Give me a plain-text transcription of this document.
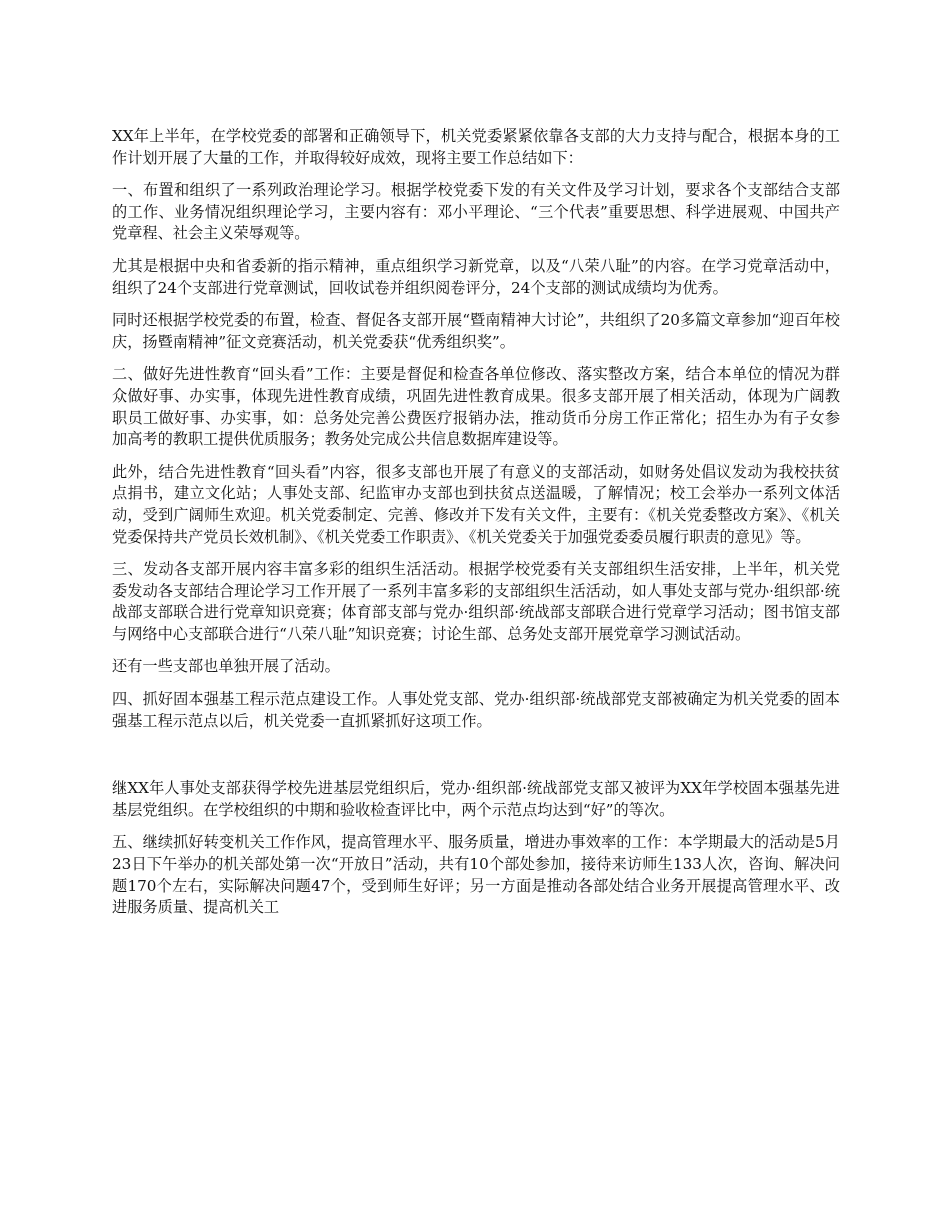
XX年上半年，在学校党委的部署和正确领导下，机关党委紧紧依靠各支部的大力支持与配合，根据本身的工作计划开展了大量的工作，并取得较好成效，现将主要工作总结如下：

一、布置和组织了一系列政治理论学习。根据学校党委下发的有关文件及学习计划，要求各个支部结合支部的工作、业务情况组织理论学习，主要内容有：邓小平理论、“三个代表”重要思想、科学进展观、中国共产党章程、社会主义荣辱观等。

尤其是根据中央和省委新的指示精神，重点组织学习新党章，以及“八荣八耻”的内容。在学习党章活动中，组织了24个支部进行党章测试，回收试卷并组织阅卷评分，24个支部的测试成绩均为优秀。

同时还根据学校党委的布置，检查、督促各支部开展“暨南精神大讨论”，共组织了20多篇文章参加“迎百年校庆，扬暨南精神”征文竞赛活动，机关党委获“优秀组织奖”。

二、做好先进性教育“回头看”工作：主要是督促和检查各单位修改、落实整改方案，结合本单位的情况为群众做好事、办实事，体现先进性教育成绩，巩固先进性教育成果。很多支部开展了相关活动，体现为广阔教职员工做好事、办实事，如：总务处完善公费医疗报销办法，推动货币分房工作正常化；招生办为有子女参加高考的教职工提供优质服务；教务处完成公共信息数据库建设等。

此外，结合先进性教育“回头看”内容，很多支部也开展了有意义的支部活动，如财务处倡议发动为我校扶贫点捐书，建立文化站；人事处支部、纪监审办支部也到扶贫点送温暖，了解情况；校工会举办一系列文体活动，受到广阔师生欢迎。机关党委制定、完善、修改并下发有关文件，主要有：《机关党委整改方案》、《机关党委保持共产党员长效机制》、《机关党委工作职责》、《机关党委关于加强党委委员履行职责的意见》等。

三、发动各支部开展内容丰富多彩的组织生活活动。根据学校党委有关支部组织生活安排，上半年，机关党委发动各支部结合理论学习工作开展了一系列丰富多彩的支部组织生活活动，如人事处支部与党办·组织部·统战部支部联合进行党章知识竞赛；体育部支部与党办·组织部·统战部支部联合进行党章学习活动；图书馆支部与网络中心支部联合进行“八荣八耻”知识竞赛；讨论生部、总务处支部开展党章学习测试活动。

还有一些支部也单独开展了活动。

四、抓好固本强基工程示范点建设工作。人事处党支部、党办·组织部·统战部党支部被确定为机关党委的固本强基工程示范点以后，机关党委一直抓紧抓好这项工作。

继XX年人事处支部获得学校先进基层党组织后，党办·组织部·统战部党支部又被评为XX年学校固本强基先进基层党组织。在学校组织的中期和验收检查评比中，两个示范点均达到“好”的等次。

五、继续抓好转变机关工作作风，提高管理水平、服务质量，增进办事效率的工作：本学期最大的活动是5月23日下午举办的机关部处第一次“开放日”活动，共有10个部处参加，接待来访师生133人次，咨询、解决问题170个左右，实际解决问题47个，受到师生好评；另一方面是推动各部处结合业务开展提高管理水平、改进服务质量、提高机关工
